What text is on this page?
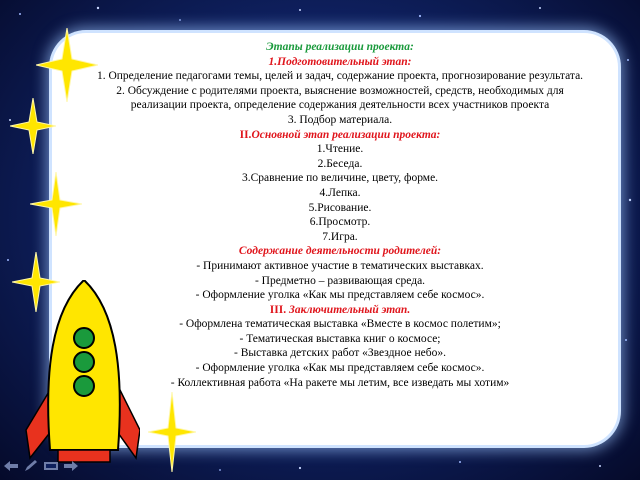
Этапы реализации проекта:

1.Подготовительный этап:

1. Определение педагогами темы, целей и задач, содержание проекта, прогнозирование результата.

2. Обсуждение с родителями проекта, выяснение возможностей, средств, необходимых для реализации проекта, определение содержания деятельности всех участников проекта

3. Подбор материала.

II.Основной этап реализации проекта:

1.Чтение.

2.Беседа.

3.Сравнение по величине, цвету, форме.

4.Лепка.

5.Рисование.

6.Просмотр.

7.Игра.

Содержание деятельности родителей:

- Принимают активное участие в тематических выставках.

- Предметно – развивающая среда.

- Оформление уголка «Как мы представляем себе космос».

III. Заключительный этап.

- Оформлена тематическая выставка «Вместе в космос полетим»;

- Тематическая выставка книг о космосе;

- Выставка детских работ «Звездное небо».

- Оформление уголка «Как мы представляем себе космос».

- Коллективная работа «На ракете мы летим, все изведать мы хотим»
